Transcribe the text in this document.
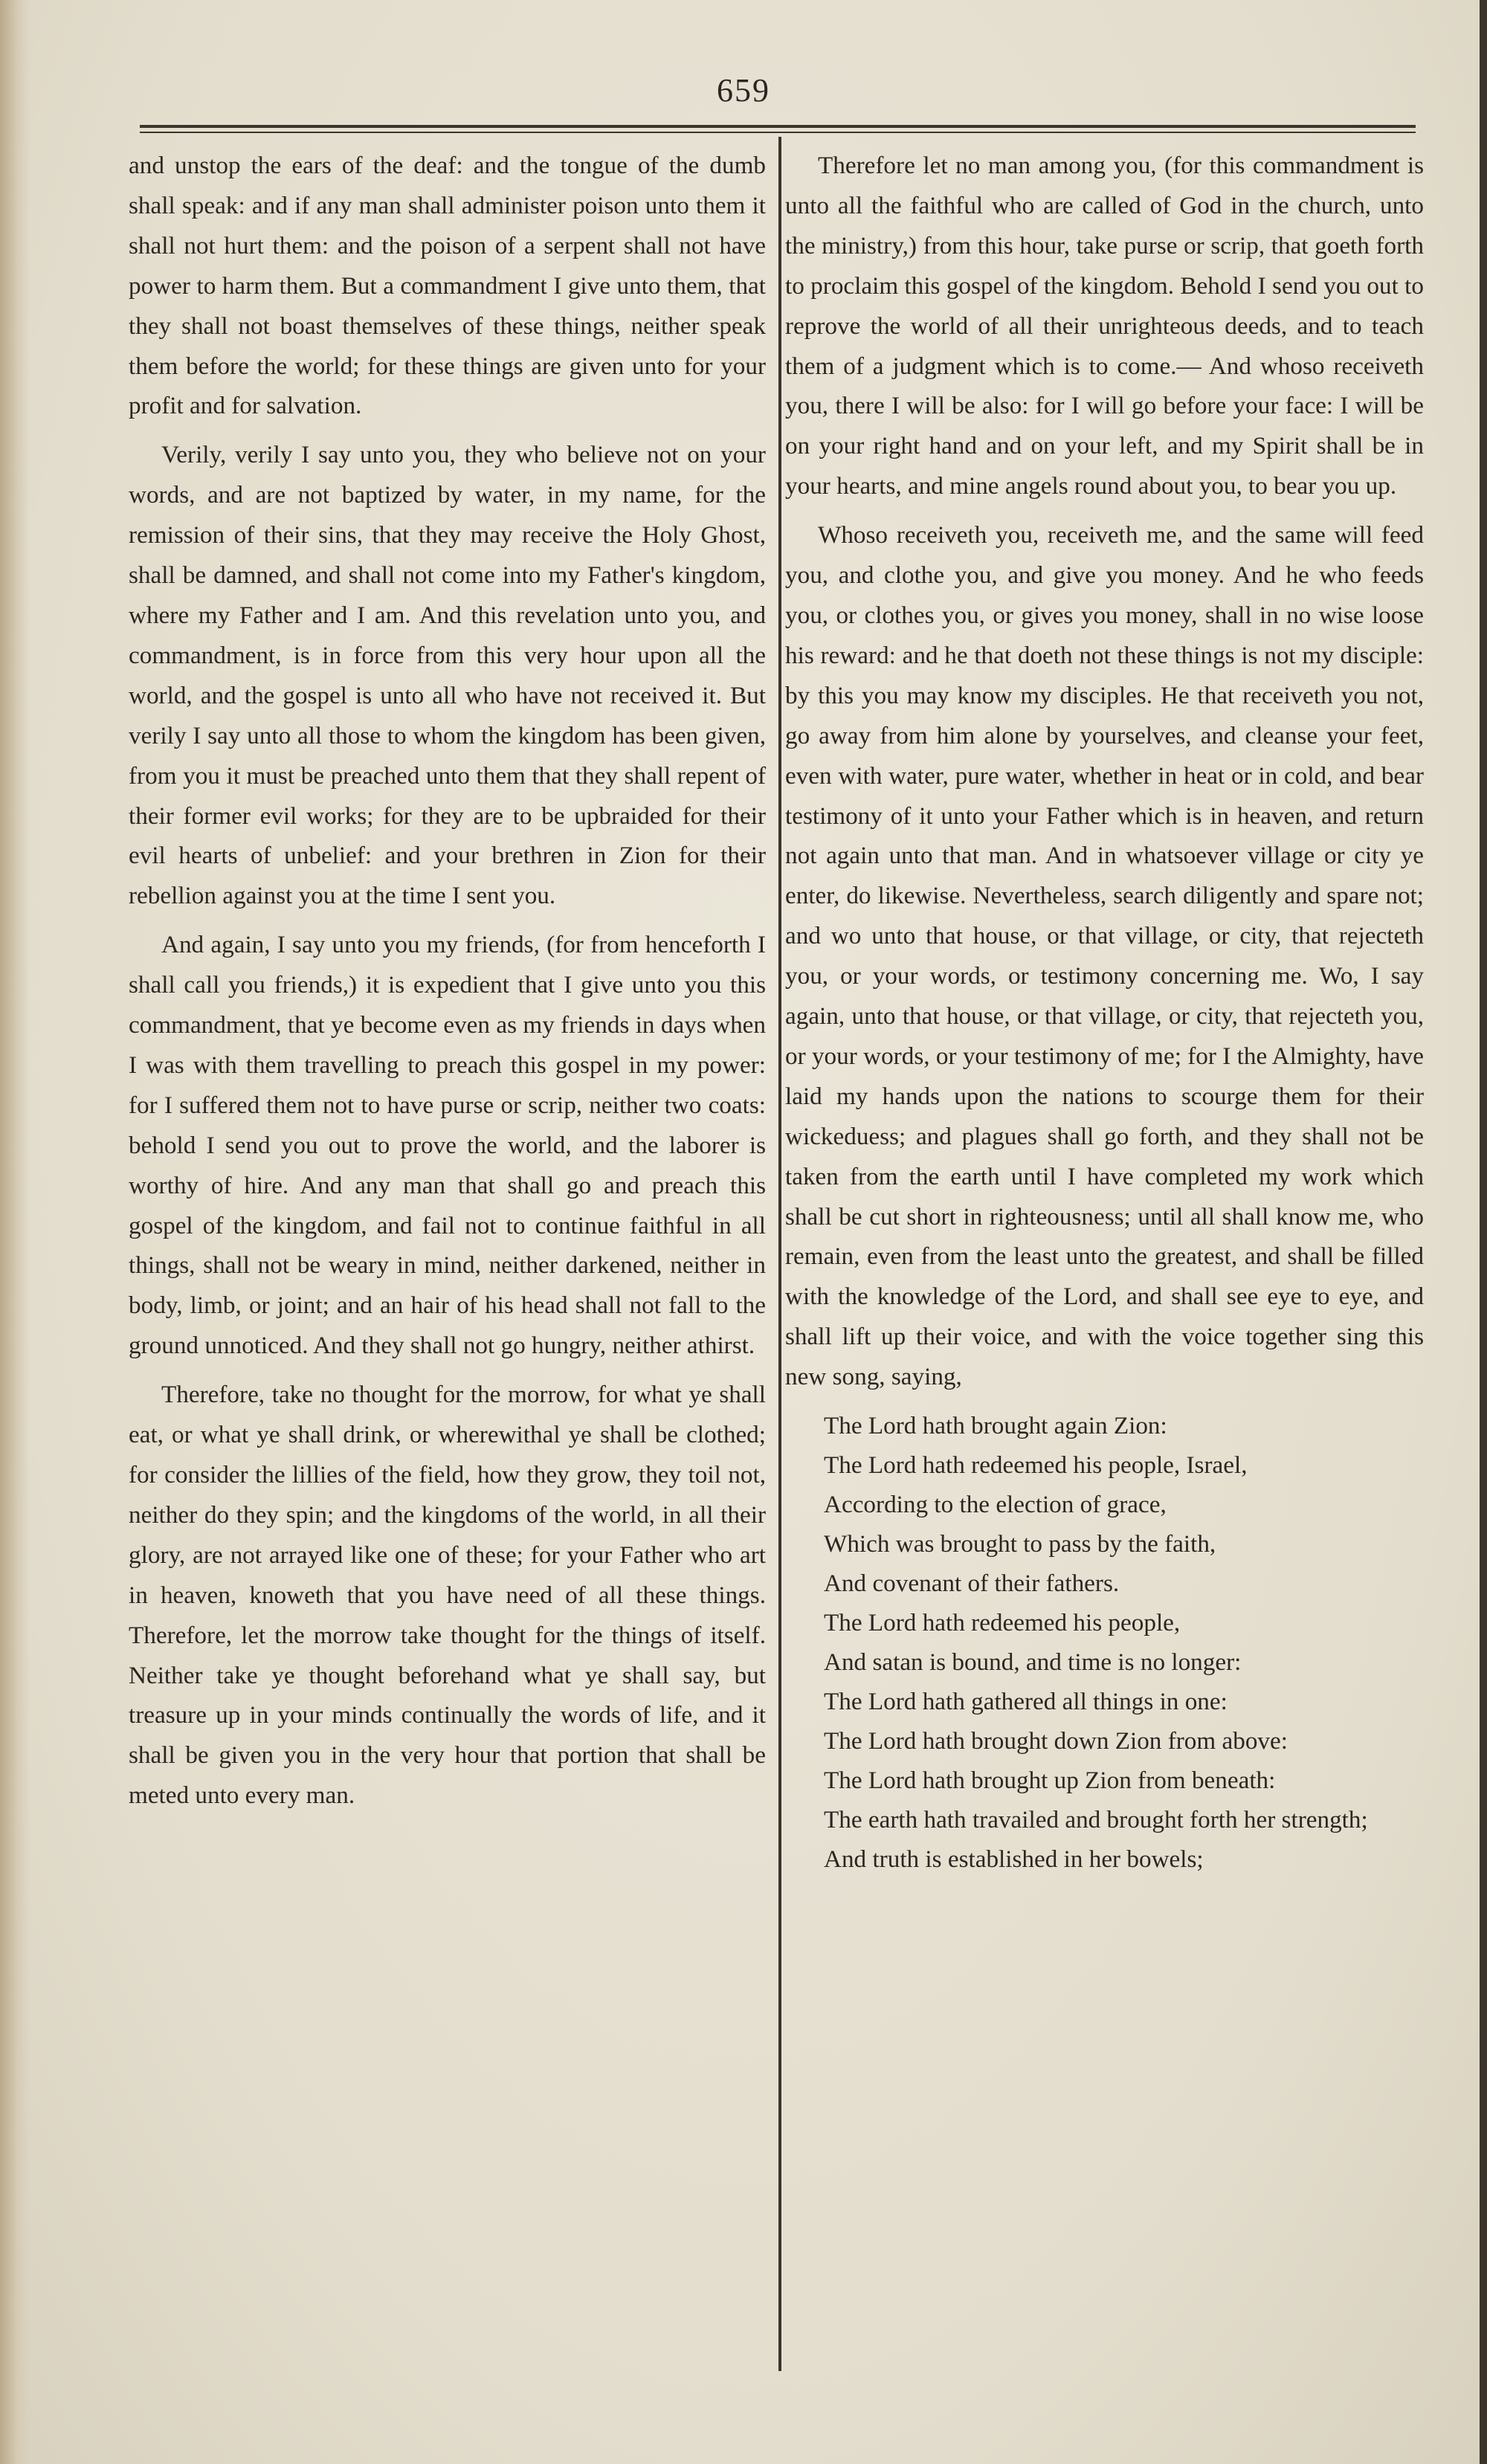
659

and unstop the ears of the deaf: and the tongue of the dumb shall speak: and if any man shall administer poison unto them it shall not hurt them: and the poison of a serpent shall not have power to harm them. But a commandment I give unto them, that they shall not boast themselves of these things, neither speak them before the world; for these things are given unto for your profit and for salvation.

Verily, verily I say unto you, they who believe not on your words, and are not baptized by water, in my name, for the remission of their sins, that they may receive the Holy Ghost, shall be damned, and shall not come into my Father's kingdom, where my Father and I am. And this revelation unto you, and commandment, is in force from this very hour upon all the world, and the gospel is unto all who have not received it. But verily I say unto all those to whom the kingdom has been given, from you it must be preached unto them that they shall repent of their former evil works; for they are to be upbraided for their evil hearts of unbelief: and your brethren in Zion for their rebellion against you at the time I sent you.

And again, I say unto you my friends, (for from henceforth I shall call you friends,) it is expedient that I give unto you this commandment, that ye become even as my friends in days when I was with them travelling to preach this gospel in my power: for I suffered them not to have purse or scrip, neither two coats: behold I send you out to prove the world, and the laborer is worthy of hire. And any man that shall go and preach this gospel of the kingdom, and fail not to continue faithful in all things, shall not be weary in mind, neither darkened, neither in body, limb, or joint; and an hair of his head shall not fall to the ground unnoticed. And they shall not go hungry, neither athirst.

Therefore, take no thought for the morrow, for what ye shall eat, or what ye shall drink, or wherewithal ye shall be clothed; for consider the lillies of the field, how they grow, they toil not, neither do they spin; and the kingdoms of the world, in all their glory, are not arrayed like one of these; for your Father who art in heaven, knoweth that you have need of all these things. Therefore, let the morrow take thought for the things of itself. Neither take ye thought beforehand what ye shall say, but treasure up in your minds continually the words of life, and it shall be given you in the very hour that portion that shall be meted unto every man.

Therefore let no man among you, (for this commandment is unto all the faithful who are called of God in the church, unto the ministry,) from this hour, take purse or scrip, that goeth forth to proclaim this gospel of the kingdom. Behold I send you out to reprove the world of all their unrighteous deeds, and to teach them of a judgment which is to come.— And whoso receiveth you, there I will be also: for I will go before your face: I will be on your right hand and on your left, and my Spirit shall be in your hearts, and mine angels round about you, to bear you up.

Whoso receiveth you, receiveth me, and the same will feed you, and clothe you, and give you money. And he who feeds you, or clothes you, or gives you money, shall in no wise loose his reward: and he that doeth not these things is not my disciple: by this you may know my disciples. He that receiveth you not, go away from him alone by yourselves, and cleanse your feet, even with water, pure water, whether in heat or in cold, and bear testimony of it unto your Father which is in heaven, and return not again unto that man. And in whatsoever village or city ye enter, do likewise. Nevertheless, search diligently and spare not; and wo unto that house, or that village, or city, that rejecteth you, or your words, or testimony concerning me. Wo, I say again, unto that house, or that village, or city, that rejecteth you, or your words, or your testimony of me; for I the Almighty, have laid my hands upon the nations to scourge them for their wickeduess; and plagues shall go forth, and they shall not be taken from the earth until I have completed my work which shall be cut short in righteousness; until all shall know me, who remain, even from the least unto the greatest, and shall be filled with the knowledge of the Lord, and shall see eye to eye, and shall lift up their voice, and with the voice together sing this new song, saying,

The Lord hath brought again Zion:

The Lord hath redeemed his people, Israel,

According to the election of grace,

Which was brought to pass by the faith,

And covenant of their fathers.

The Lord hath redeemed his people,

And satan is bound, and time is no longer:

The Lord hath gathered all things in one:

The Lord hath brought down Zion from above:

The Lord hath brought up Zion from beneath:

The earth hath travailed and brought forth her strength;

And truth is established in her bowels;
